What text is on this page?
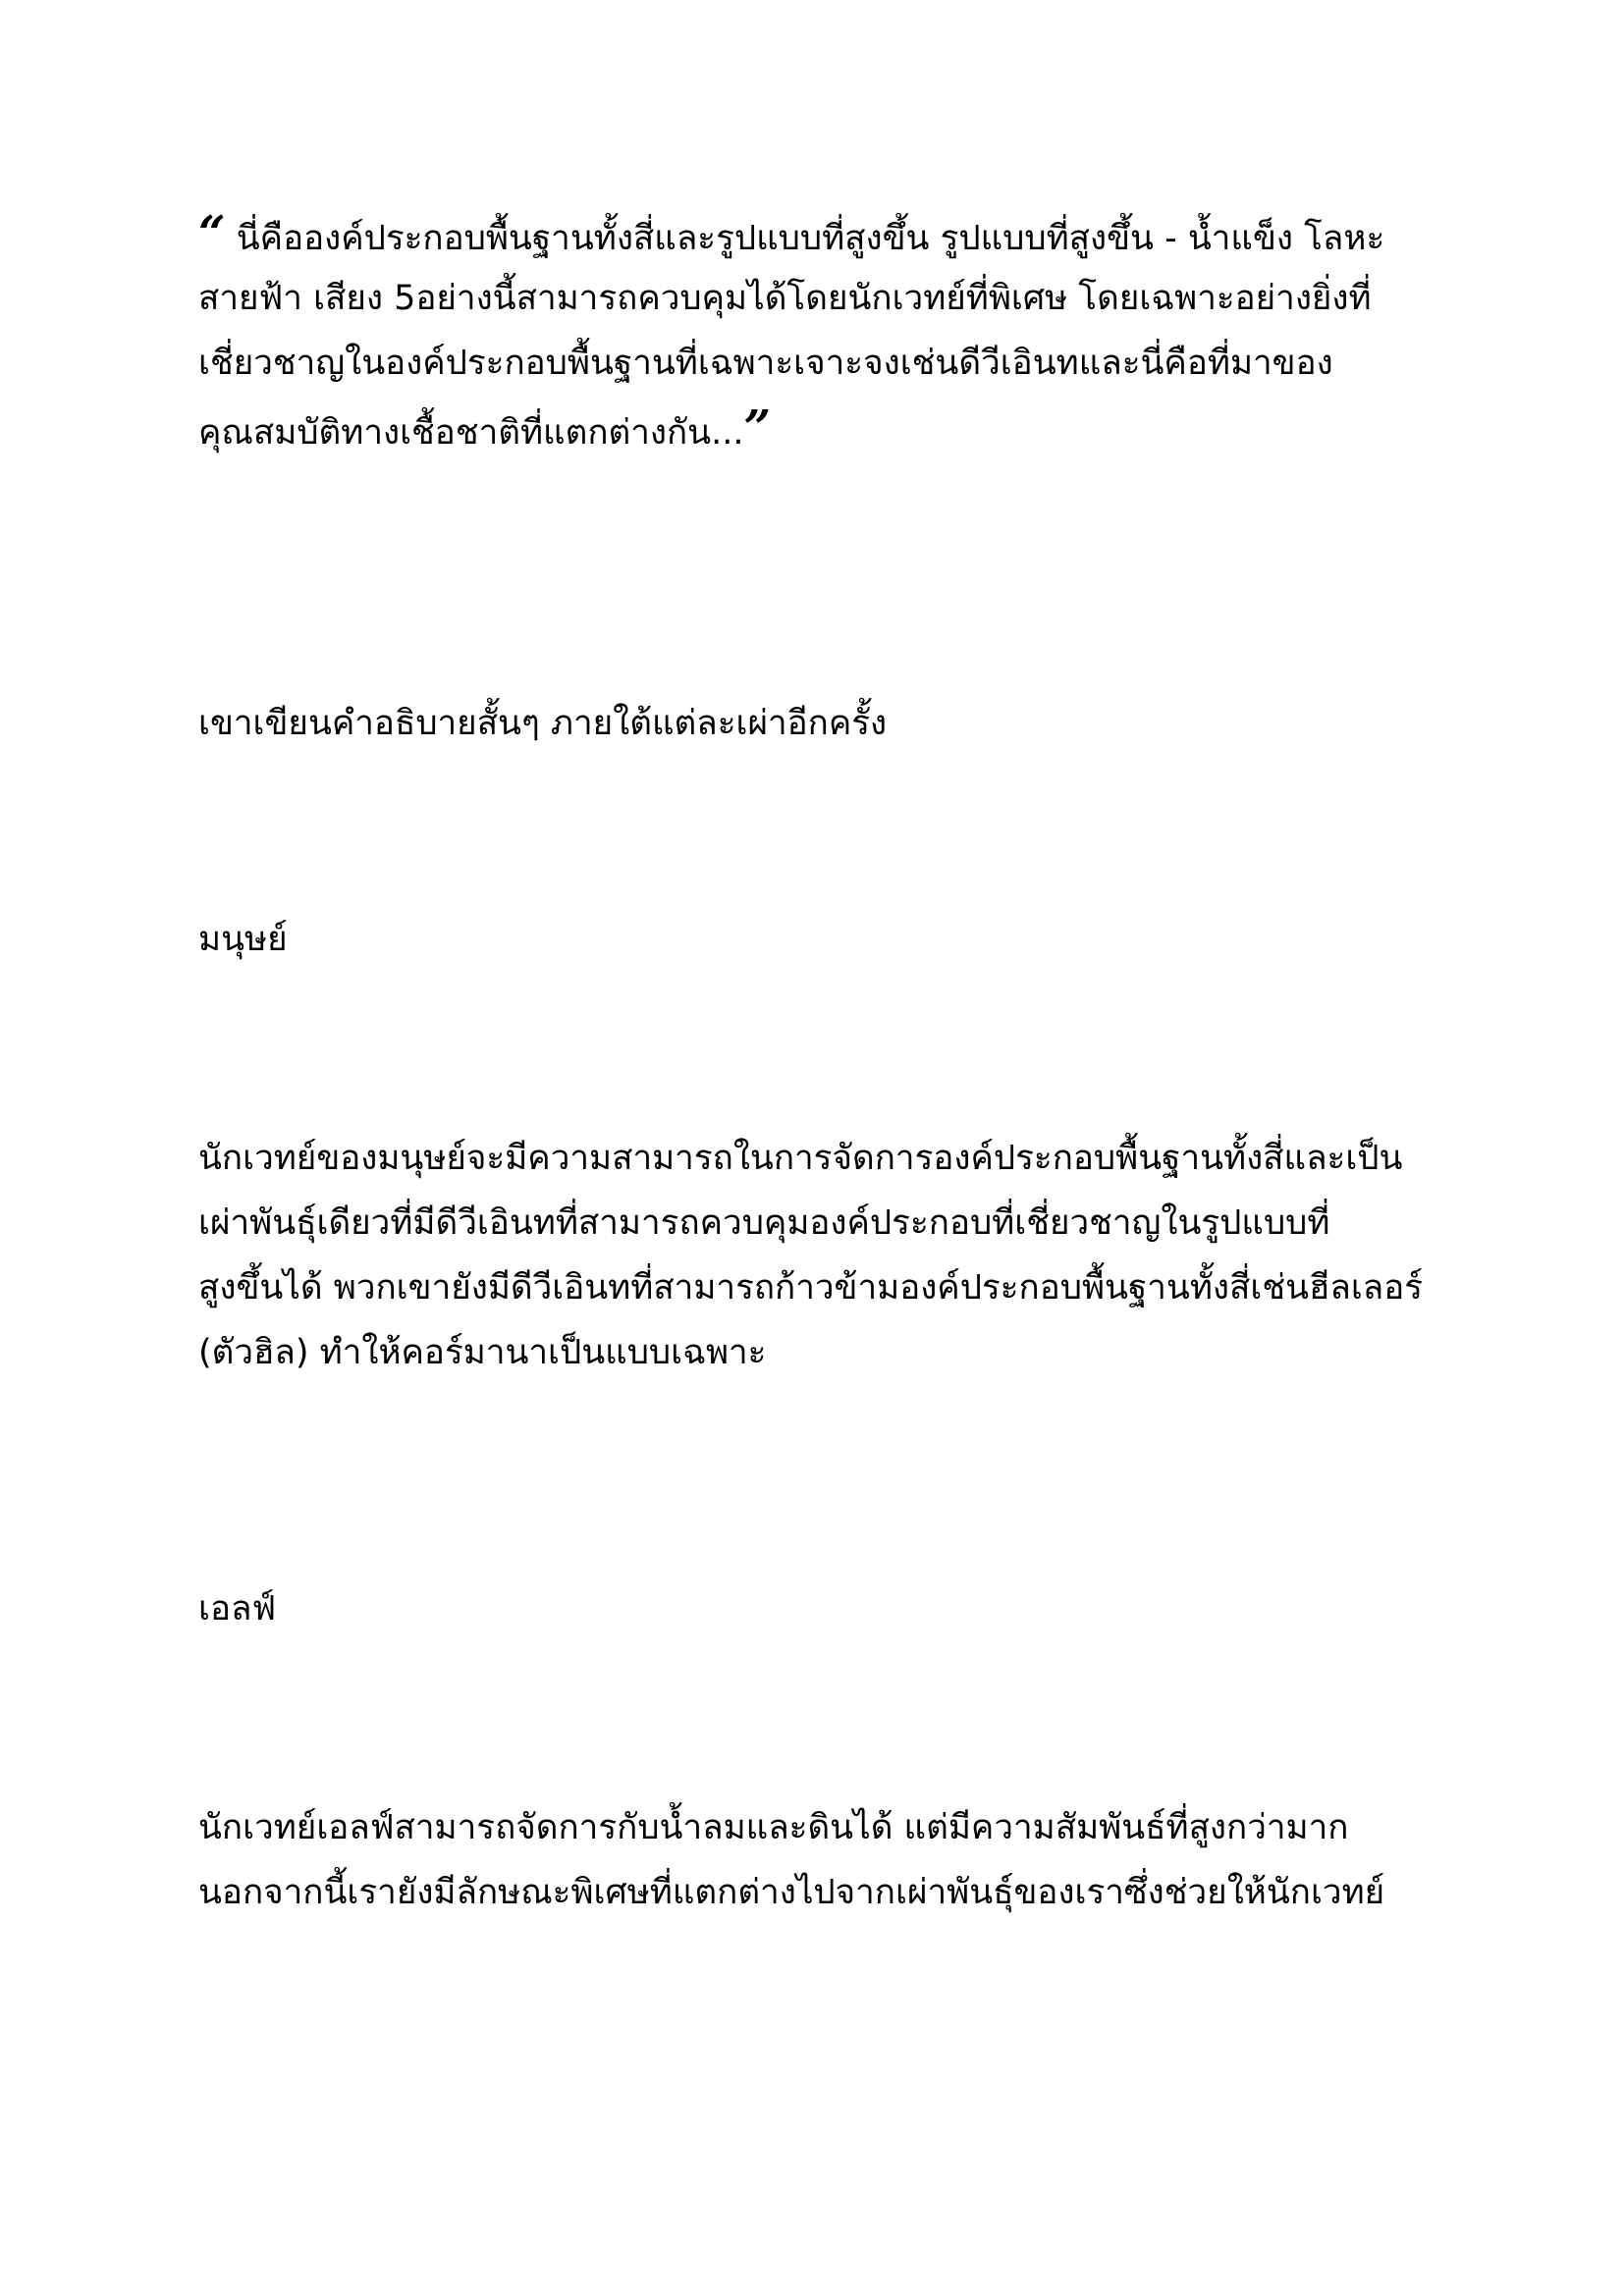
“ นี่คือองค์ประกอบพื้นฐานทั้งสี่และรูปแบบที่สูงขึ้น รูปแบบที่สูงขึ้น - น้ำแข็ง โลหะ
สายฟ้า เสียง 5อย่างนี้สามารถควบคุมได้โดยนักเวทย์ที่พิเศษ โดยเฉพาะอย่างยิ่งที่
เชี่ยวชาญในองค์ประกอบพื้นฐานที่เฉพาะเจาะจงเช่นดีวีเอินทและนี่คือที่มาของ
คุณสมบัติทางเชื้อชาติที่แตกต่างกัน...”
เขาเขียนคำอธิบายสั้นๆ ภายใต้แต่ละเผ่าอีกครั้ง
มนุษย์
นักเวทย์ของมนุษย์จะมีความสามารถในการจัดการองค์ประกอบพื้นฐานทั้งสี่และเป็น
เผ่าพันธุ์เดียวที่มีดีวีเอินทที่สามารถควบคุมองค์ประกอบที่เชี่ยวชาญในรูปแบบที่
สูงขึ้นได้ พวกเขายังมีดีวีเอินทที่สามารถก้าวข้ามองค์ประกอบพื้นฐานทั้งสี่เช่นฮีลเลอร์
(ตัวฮิล) ทำให้คอร์มานาเป็นแบบเฉพาะ
เอลฟ์
นักเวทย์เอลฟ์สามารถจัดการกับน้ำลมและดินได้ แต่มีความสัมพันธ์ที่สูงกว่ามาก
นอกจากนี้เรายังมีลักษณะพิเศษที่แตกต่างไปจากเผ่าพันธุ์ของเราซึ่งช่วยให้นักเวทย์
